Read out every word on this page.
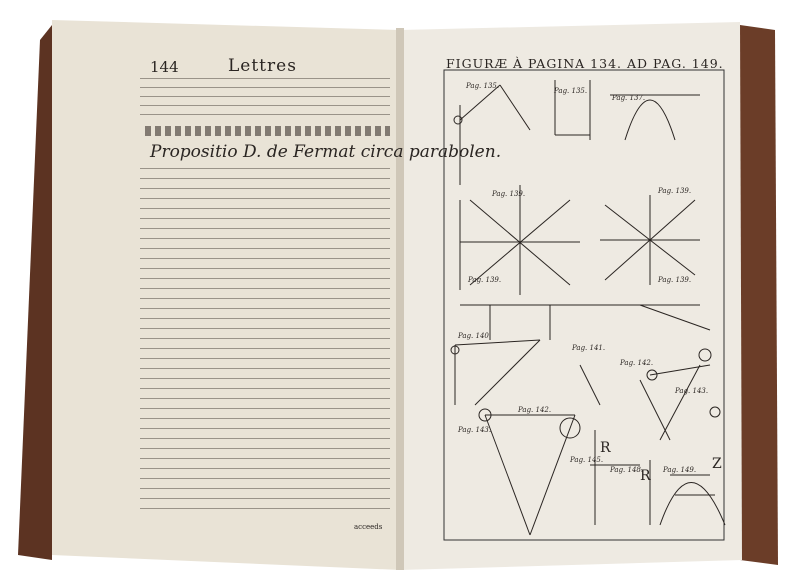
144	Lettres
Propositio D. de Fermat circa parabolen.
acceeds
FIGURÆ À PAGINA 134. AD PAG. 149.
R
R
Z
Pag. 135.
Pag. 135.
Pag. 137.
Pag. 139.	Pag. 139.
Pag. 139.	Pag. 139.
Pag. 140.
Pag. 141.
Pag. 142.
Pag. 143.
Pag. 142.
Pag. 143.
Pag. 145.
Pag. 148.	Pag. 149.
